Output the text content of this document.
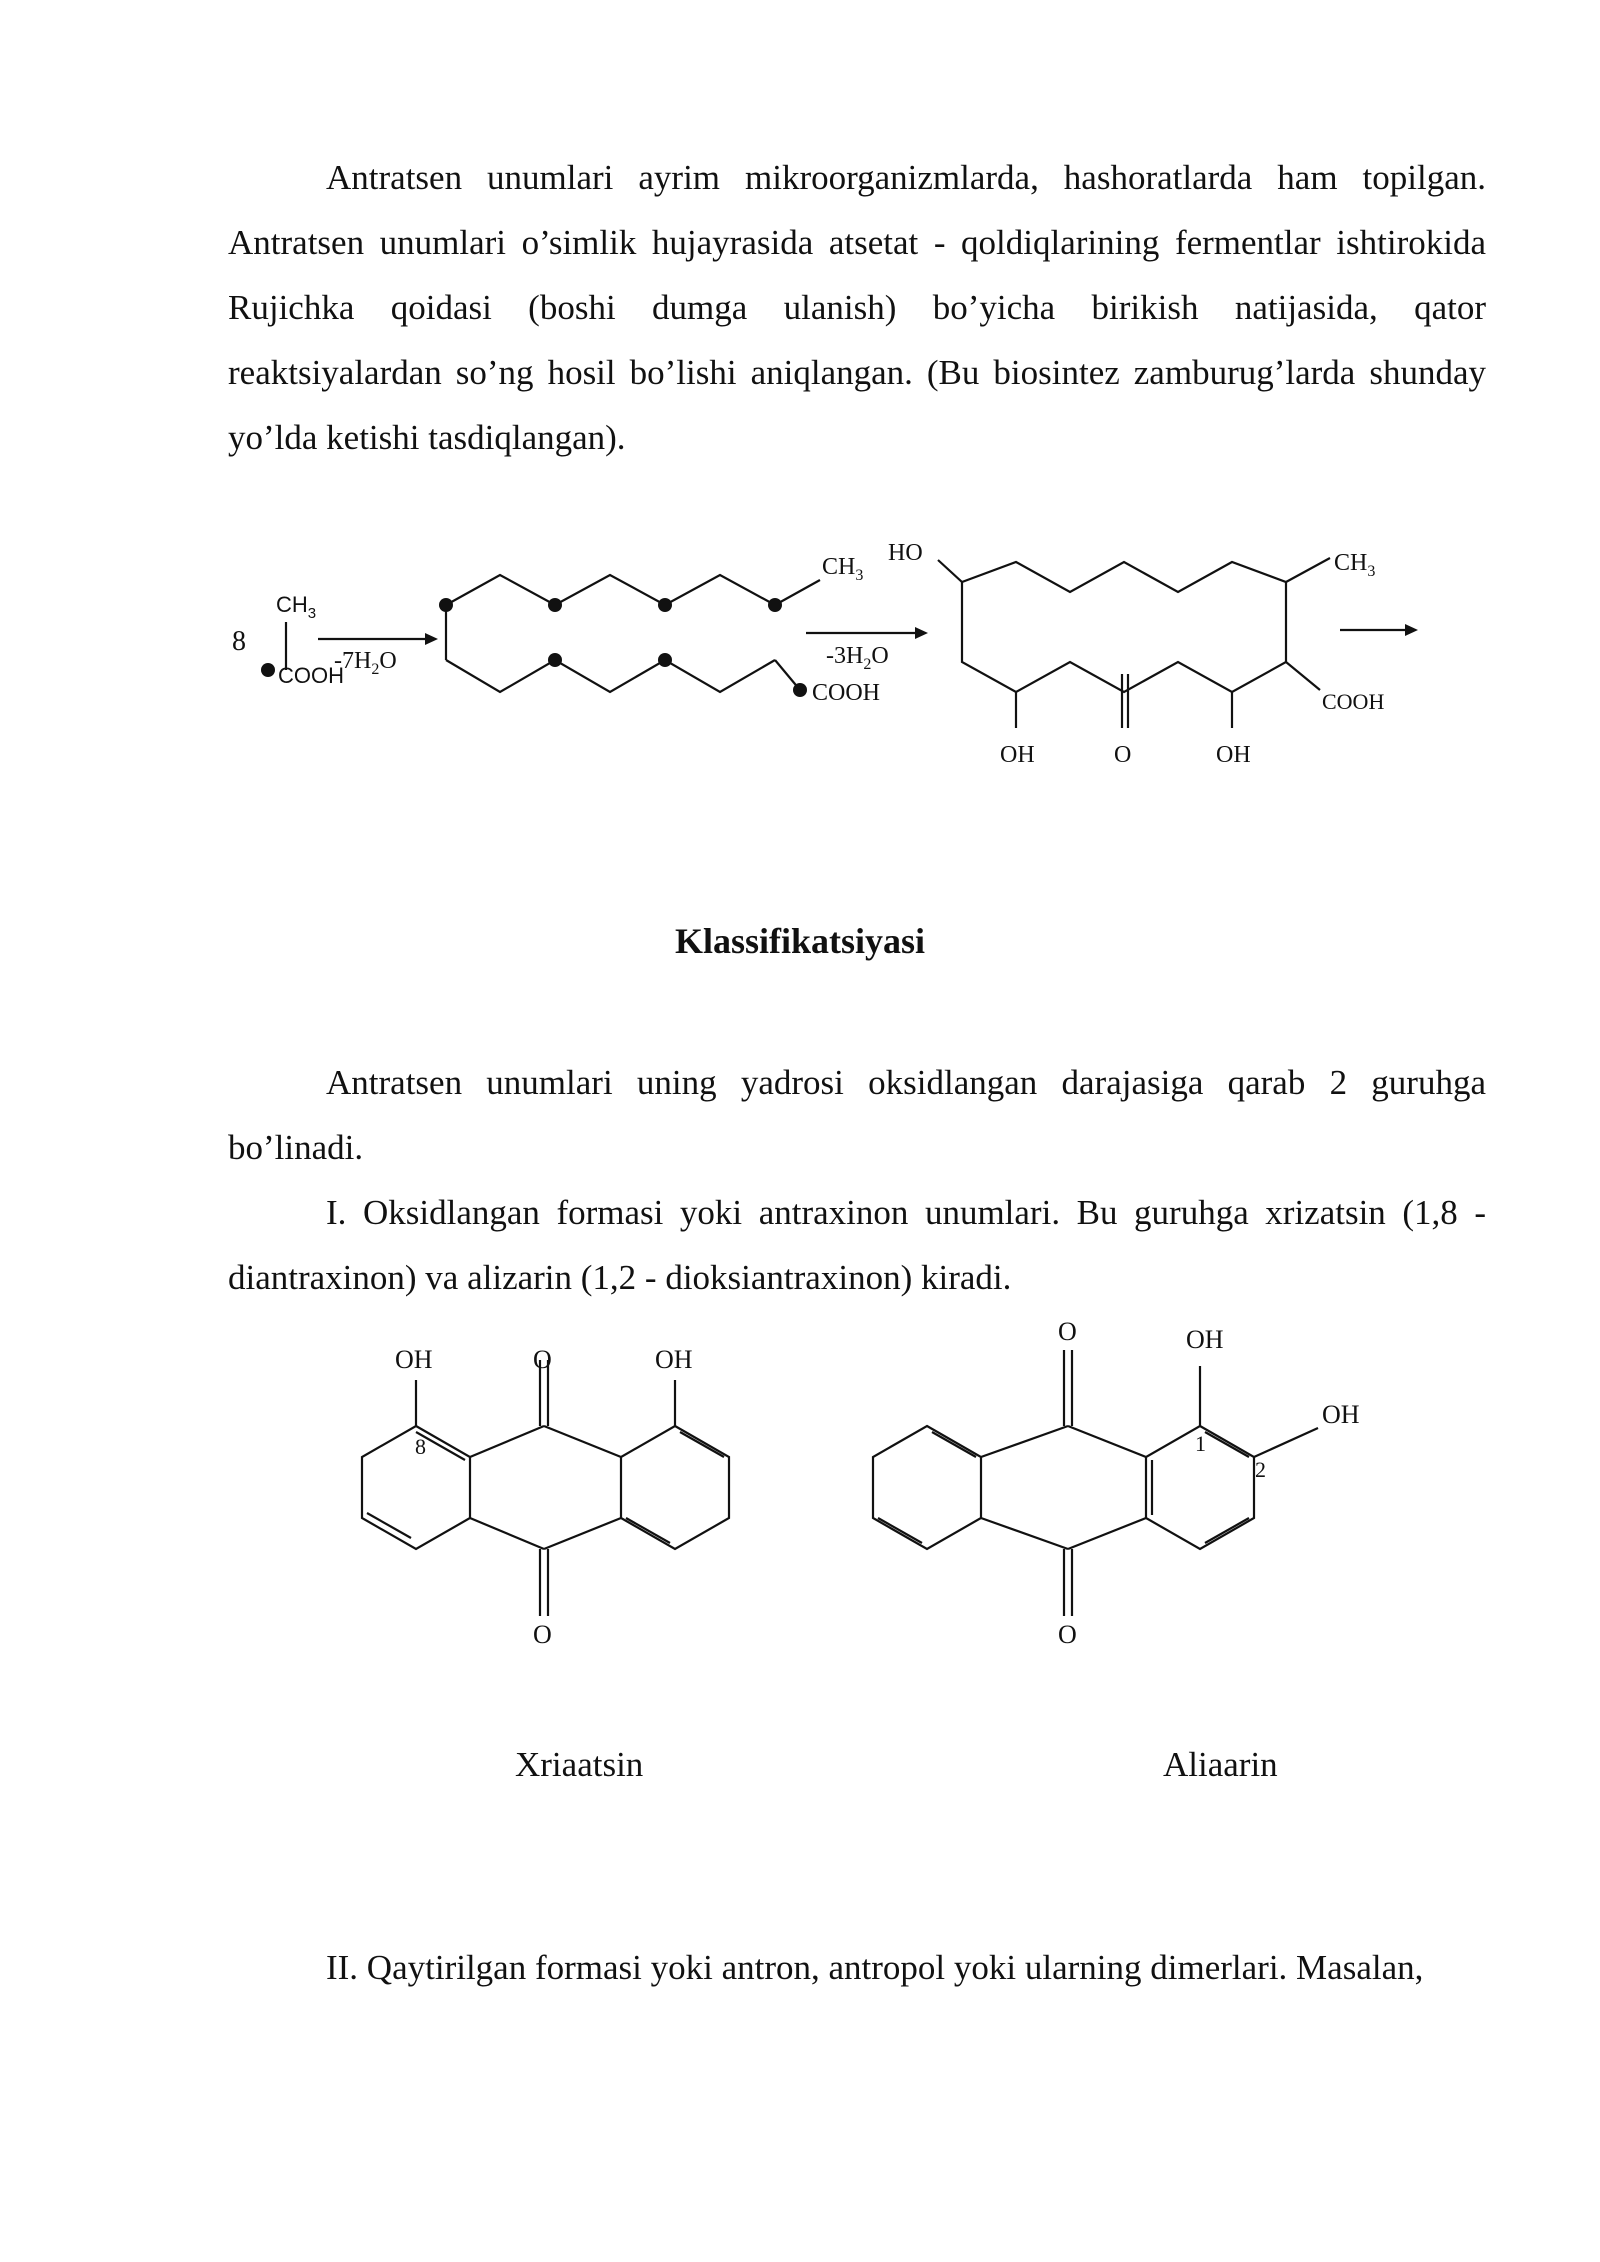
Antratsen unumlari ayrim mikroorganizmlarda, hashoratlarda ham topilgan. Antratsen unumlari o’simlik hujayrasida atsetat - qoldiqlarining fermentlar ishtirokida Rujichka qoidasi (boshi dumga ulanish) bo’yicha birikish natijasida, qator reaktsiyalardan so’ng hosil bo’lishi aniqlangan. (Bu biosintez zamburug’larda shunday yo’lda ketishi tasdiqlangan).

8
$CH_3$
COOH
$-7H_2O$
$CH_3$
$-3H_2O$
COOH
HO	$CH_3$
COOH
OH	O	OH

Klassifikatsiyasi

Antratsen unumlari uning yadrosi oksidlangan darajasiga qarab 2 guruhga bo’linadi.

I. Oksidlangan formasi yoki antraxinon unumlari. Bu guruhga xrizatsin (1,8 - diantraxinon) va alizarin (1,2 - dioksiantraxinon) kiradi.

OH	O	OH
8
O
O	OH
OH
1
2
O
Xriaatsin	Aliaarin

II. Qaytirilgan formasi yoki antron, antropol yoki ularning dimerlari. Masalan,
